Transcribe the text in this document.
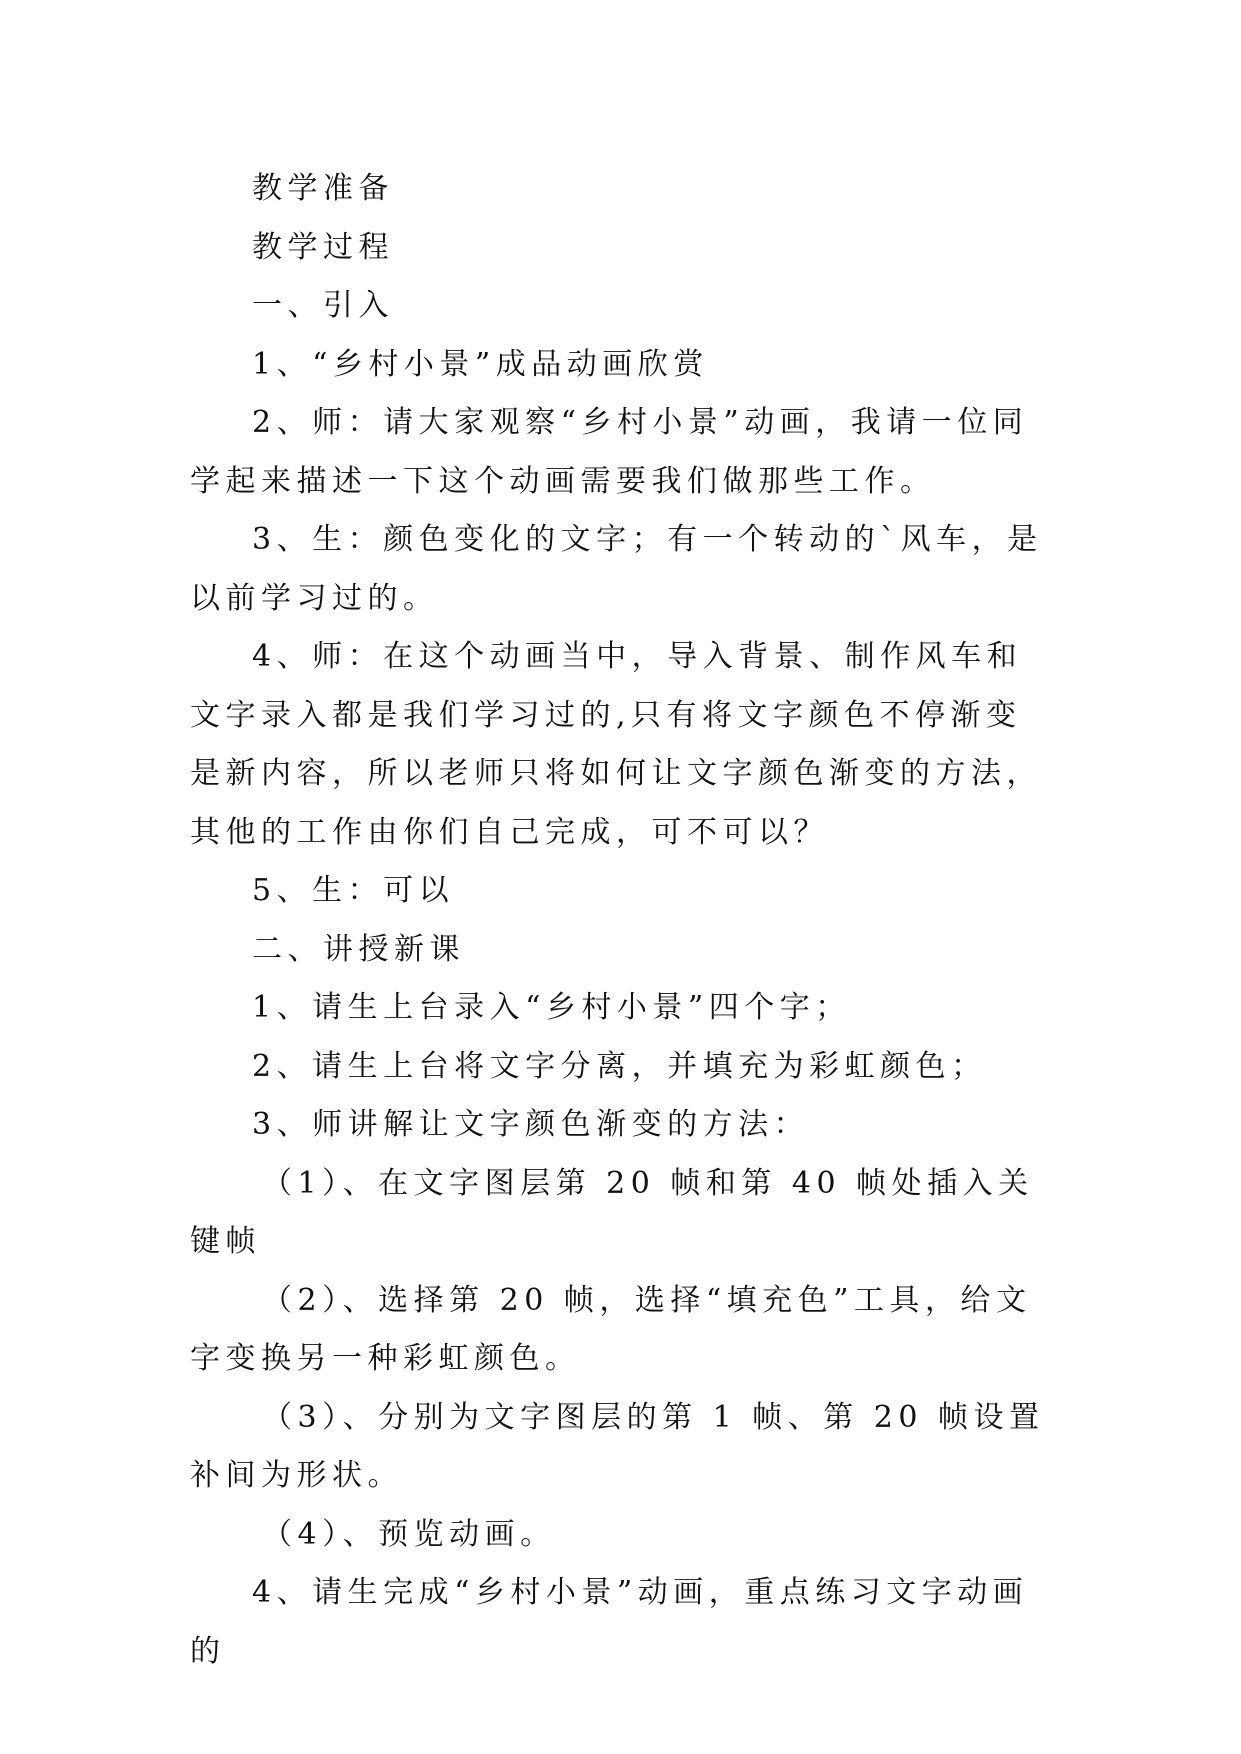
教学准备

教学过程

一、引入

1、“乡村小景”成品动画欣赏

2、师：请大家观察“乡村小景”动画，我请一位同学起来描述一下这个动画需要我们做那些工作。

3、生：颜色变化的文字；有一个转动的`风车，是以前学习过的。

4、师：在这个动画当中，导入背景、制作风车和文字录入都是我们学习过的,只有将文字颜色不停渐变是新内容，所以老师只将如何让文字颜色渐变的方法，其他的工作由你们自己完成，可不可以？

5、生：可以

二、讲授新课

1、请生上台录入“乡村小景”四个字；

2、请生上台将文字分离，并填充为彩虹颜色；

3、师讲解让文字颜色渐变的方法：

（1）、在文字图层第 20 帧和第 40 帧处插入关键帧

（2）、选择第 20 帧，选择“填充色”工具，给文字变换另一种彩虹颜色。

（3）、分别为文字图层的第 1 帧、第 20 帧设置补间为形状。

（4）、预览动画。

4、请生完成“乡村小景”动画，重点练习文字动画的
